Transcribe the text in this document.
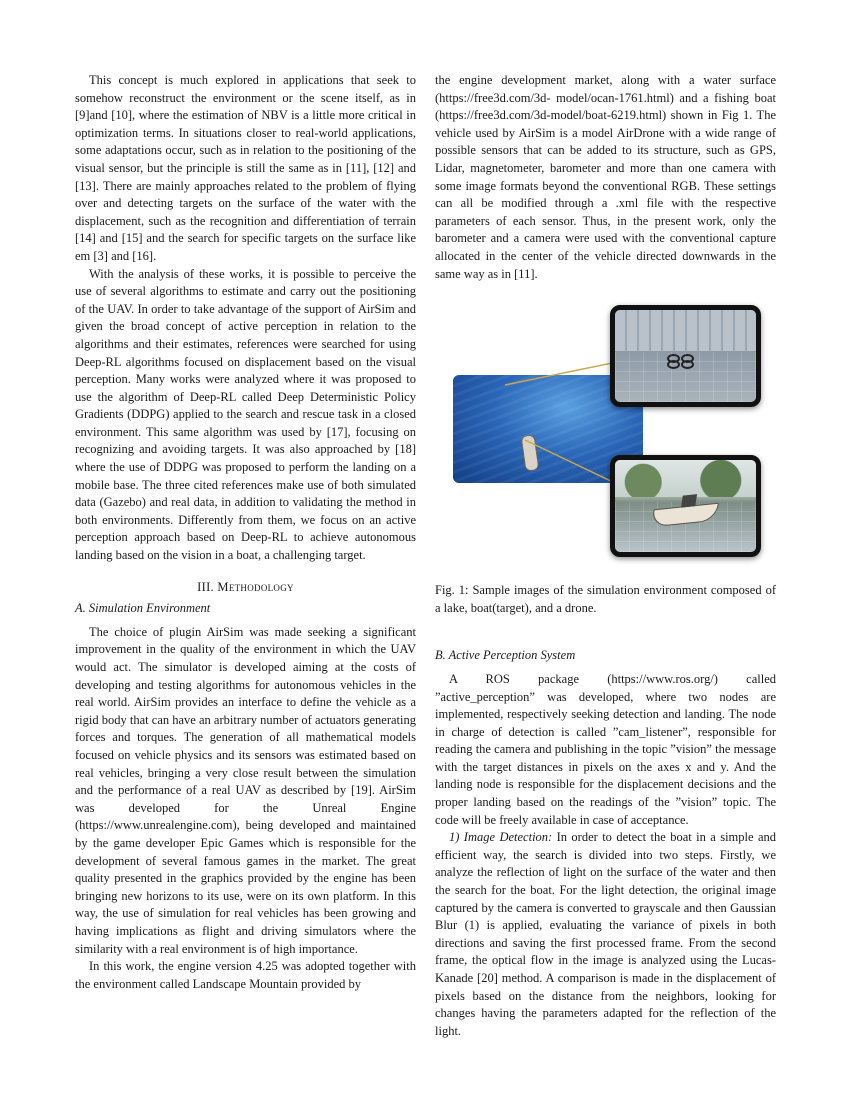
This concept is much explored in applications that seek to somehow reconstruct the environment or the scene itself, as in [9]and [10], where the estimation of NBV is a little more critical in optimization terms. In situations closer to real-world applications, some adaptations occur, such as in relation to the positioning of the visual sensor, but the principle is still the same as in [11], [12] and [13]. There are mainly approaches related to the problem of flying over and detecting targets on the surface of the water with the displacement, such as the recognition and differentiation of terrain [14] and [15] and the search for specific targets on the surface like em [3] and [16].

With the analysis of these works, it is possible to perceive the use of several algorithms to estimate and carry out the positioning of the UAV. In order to take advantage of the support of AirSim and given the broad concept of active perception in relation to the algorithms and their estimates, references were searched for using Deep-RL algorithms focused on displacement based on the visual perception. Many works were analyzed where it was proposed to use the algorithm of Deep-RL called Deep Deterministic Policy Gradients (DDPG) applied to the search and rescue task in a closed environment. This same algorithm was used by [17], focusing on recognizing and avoiding targets. It was also approached by [18] where the use of DDPG was proposed to perform the landing on a mobile base. The three cited references make use of both simulated data (Gazebo) and real data, in addition to validating the method in both environments. Differently from them, we focus on an active perception approach based on Deep-RL to achieve autonomous landing based on the vision in a boat, a challenging target.

III. Methodology
A. Simulation Environment

The choice of plugin AirSim was made seeking a significant improvement in the quality of the environment in which the UAV would act. The simulator is developed aiming at the costs of developing and testing algorithms for autonomous vehicles in the real world. AirSim provides an interface to define the vehicle as a rigid body that can have an arbitrary number of actuators generating forces and torques. The generation of all mathematical models focused on vehicle physics and its sensors was estimated based on real vehicles, bringing a very close result between the simulation and the performance of a real UAV as described by [19]. AirSim was developed for the Unreal Engine (https://www.unrealengine.com), being developed and maintained by the game developer Epic Games which is responsible for the development of several famous games in the market. The great quality presented in the graphics provided by the engine has been bringing new horizons to its use, were on its own platform. In this way, the use of simulation for real vehicles has been growing and having implications as flight and driving simulators where the similarity with a real environment is of high importance.

In this work, the engine version 4.25 was adopted together with the environment called Landscape Mountain provided by

the engine development market, along with a water surface (https://free3d.com/3d- model/ocan-1761.html) and a fishing boat (https://free3d.com/3d-model/boat-6219.html) shown in Fig 1. The vehicle used by AirSim is a model AirDrone with a wide range of possible sensors that can be added to its structure, such as GPS, Lidar, magnetometer, barometer and more than one camera with some image formats beyond the conventional RGB. These settings can all be modified through a .xml file with the respective parameters of each sensor. Thus, in the present work, only the barometer and a camera were used with the conventional capture allocated in the center of the vehicle directed downwards in the same way as in [11].

Fig. 1: Sample images of the simulation environment composed of a lake, boat(target), and a drone.

B. Active Perception System

A ROS package (https://www.ros.org/) called ”active_perception” was developed, where two nodes are implemented, respectively seeking detection and landing. The node in charge of detection is called ”cam_listener”, responsible for reading the camera and publishing in the topic ”vision” the message with the target distances in pixels on the axes x and y. And the landing node is responsible for the displacement decisions and the proper landing based on the readings of the ”vision” topic. The code will be freely available in case of acceptance.

1) Image Detection: In order to detect the boat in a simple and efficient way, the search is divided into two steps. Firstly, we analyze the reflection of light on the surface of the water and then the search for the boat. For the light detection, the original image captured by the camera is converted to grayscale and then Gaussian Blur (1) is applied, evaluating the variance of pixels in both directions and saving the first processed frame. From the second frame, the optical flow in the image is analyzed using the Lucas-Kanade [20] method. A comparison is made in the displacement of pixels based on the distance from the neighbors, looking for changes having the parameters adapted for the reflection of the light.
